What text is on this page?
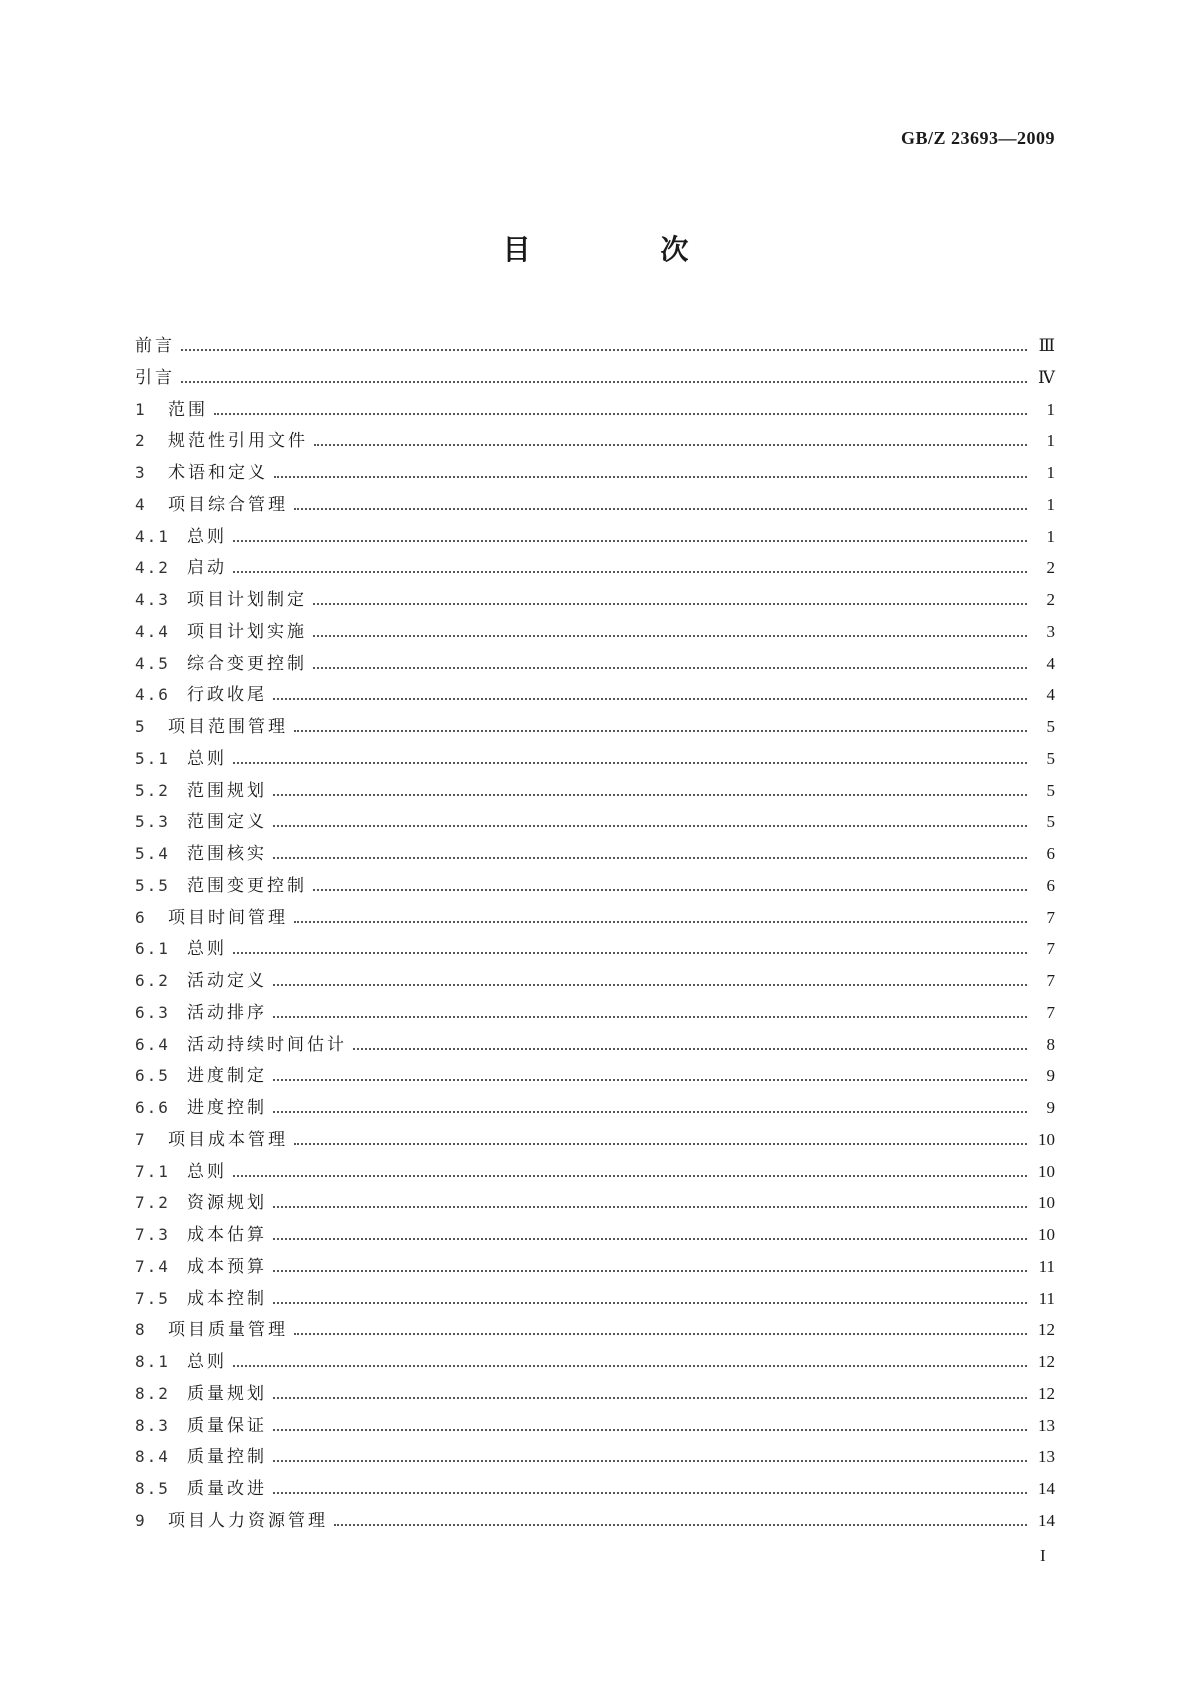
GB/Z 23693—2009
目 次
前言	Ⅲ
引言	Ⅳ
1	范围	1
2	规范性引用文件	1
3	术语和定义	1
4	项目综合管理	1
4.1	总则	1
4.2	启动	2
4.3	项目计划制定	2
4.4	项目计划实施	3
4.5	综合变更控制	4
4.6	行政收尾	4
5	项目范围管理	5
5.1	总则	5
5.2	范围规划	5
5.3	范围定义	5
5.4	范围核实	6
5.5	范围变更控制	6
6	项目时间管理	7
6.1	总则	7
6.2	活动定义	7
6.3	活动排序	7
6.4	活动持续时间估计	8
6.5	进度制定	9
6.6	进度控制	9
7	项目成本管理	10
7.1	总则	10
7.2	资源规划	10
7.3	成本估算	10
7.4	成本预算	11
7.5	成本控制	11
8	项目质量管理	12
8.1	总则	12
8.2	质量规划	12
8.3	质量保证	13
8.4	质量控制	13
8.5	质量改进	14
9	项目人力资源管理	14
I
